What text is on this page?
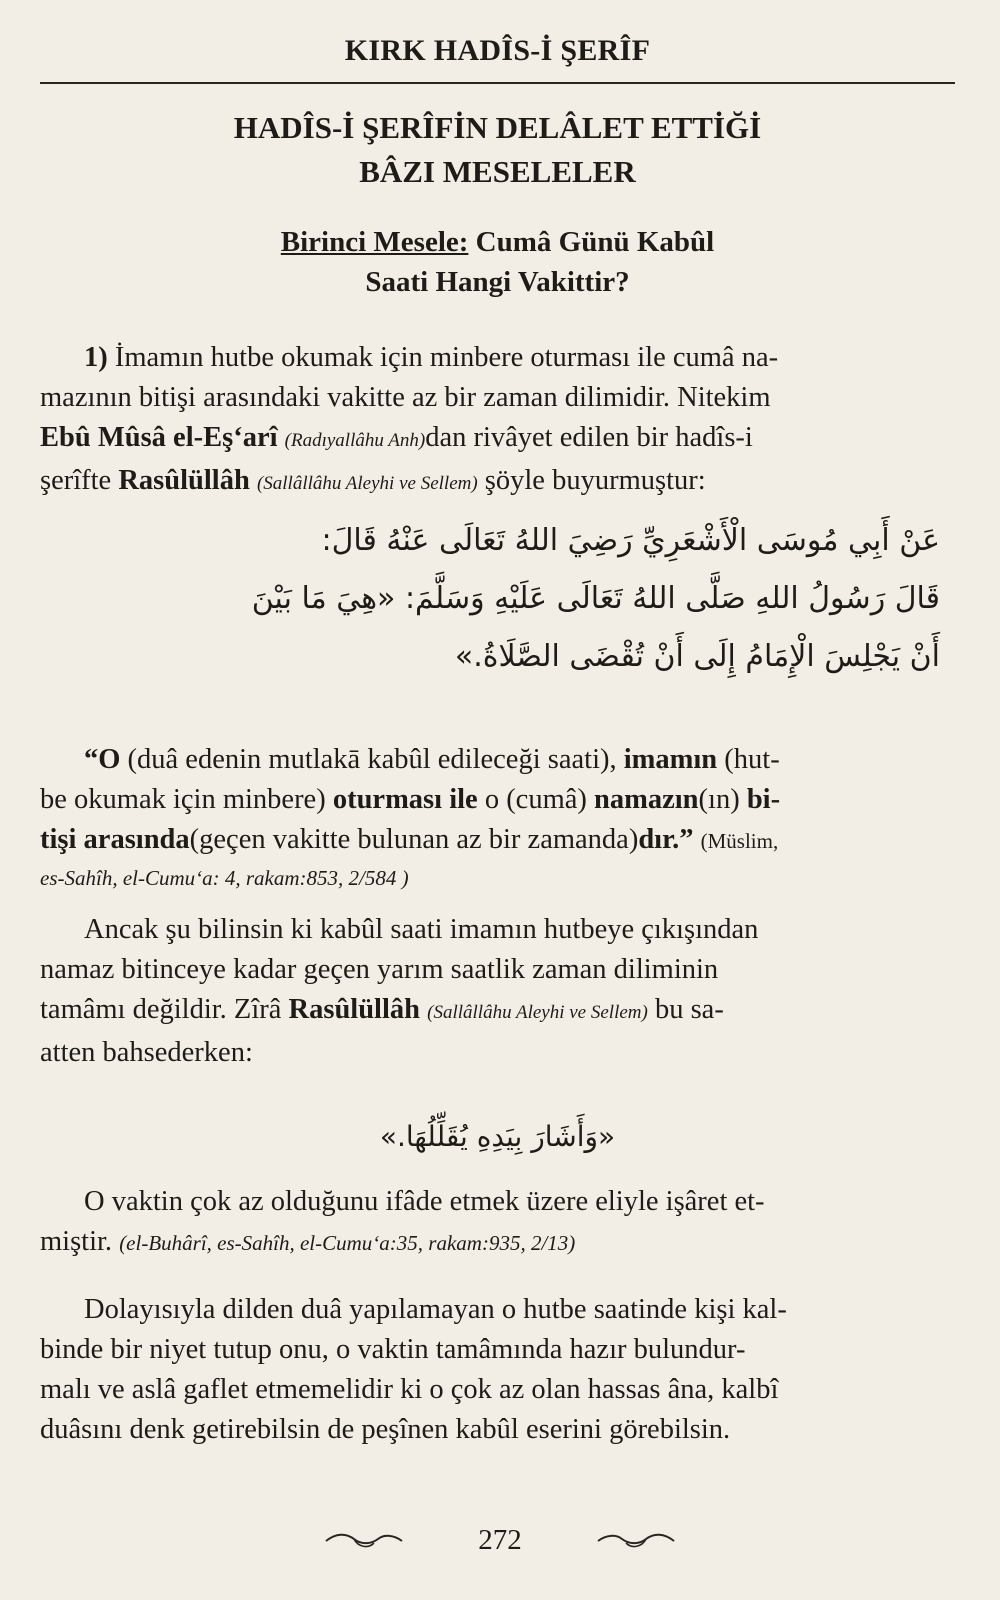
KIRK HADÎS-İ ŞERÎF
HADÎS-İ ŞERÎFİN DELÂLET ETTİĞİ
BÂZI MESELELER
Birinci Mesele: Cumâ Günü Kabûl
Saati Hangi Vakittir?
1) İmamın hutbe okumak için minbere oturması ile cumâ na-
mazının bitişi arasındaki vakitte az bir zaman dilimidir. Nitekim
Ebû Mûsâ el-Eş‘arî (Radıyallâhu Anh)dan rivâyet edilen bir hadîs-i
şerîfte Rasûlüllâh (Sallâllâhu Aleyhi ve Sellem) şöyle buyurmuştur:
عَنْ أَبِي مُوسَى الْأَشْعَرِيِّ رَضِيَ اللهُ تَعَالَى عَنْهُ قَالَ:
قَالَ رَسُولُ اللهِ صَلَّى اللهُ تَعَالَى عَلَيْهِ وَسَلَّمَ: «هِيَ مَا بَيْنَ
أَنْ يَجْلِسَ الْإِمَامُ إِلَى أَنْ تُقْضَى الصَّلَاةُ.»
“O (duâ edenin mutlakā kabûl edileceği saati), imamın (hut-
be okumak için minbere) oturması ile o (cumâ) namazın(ın) bi-
tişi arasında(geçen vakitte bulunan az bir zamanda)dır.” (Müslim,
es-Sahîh, el-Cumu‘a: 4, rakam:853, 2/584 )
Ancak şu bilinsin ki kabûl saati imamın hutbeye çıkışından
namaz bitinceye kadar geçen yarım saatlik zaman diliminin
tamâmı değildir. Zîrâ Rasûlüllâh (Sallâllâhu Aleyhi ve Sellem) bu sa-
atten bahsederken:
«وَأَشَارَ بِيَدِهِ يُقَلِّلُهَا.»
O vaktin çok az olduğunu ifâde etmek üzere eliyle işâret et-
miştir. (el-Buhârî, es-Sahîh, el-Cumu‘a:35, rakam:935, 2/13)
Dolayısıyla dilden duâ yapılamayan o hutbe saatinde kişi kal-
binde bir niyet tutup onu, o vaktin tamâmında hazır bulundur-
malı ve aslâ gaflet etmemelidir ki o çok az olan hassas âna, kalbî
duâsını denk getirebilsin de peşînen kabûl eserini görebilsin.
272
